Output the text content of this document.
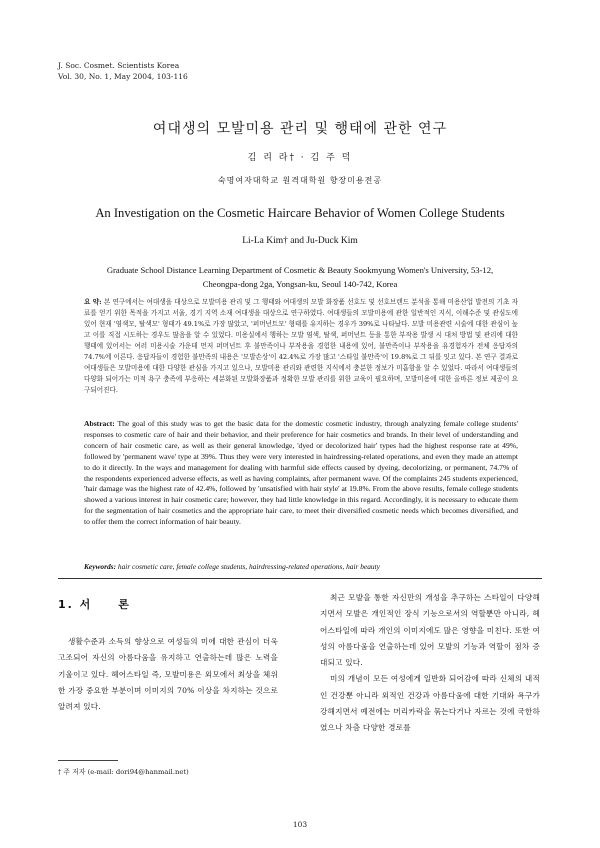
J. Soc. Cosmet. Scientists Korea
Vol. 30, No. 1, May 2004, 103-116
여대생의 모발미용 관리 및 행태에 관한 연구
김 리 라† · 김 주 덕
숙명여자대학교 원격대학원 향장미용전공
An Investigation on the Cosmetic Haircare Behavior of Women College Students
Li-La Kim† and Ju-Duck Kim
Graduate School Distance Learning Department of Cosmetic & Beauty Sookmyung Women's University, 53-12,
Cheongpa-dong 2ga, Yongsan-ku, Seoul 140-742, Korea
요 약: 본 연구에서는 여대생을 대상으로 모발미용 관리 및 그 행태와 여대생의 모발 화장품 선호도 및 선호브랜드 분석을 통해 미용산업 발전의 기초 자료를 얻기 위한 목적을 가지고 서울, 경기 지역 소재 여대생을 대상으로 연구하였다. 여대생들의 모발미용에 관한 일반적인 지식, 이해수준 및 관심도에 있어 현재 '염색모, 탈색모' 형태가 49.1%로 가장 많았고, '퍼머넌트모' 형태를 유지하는 경우가 39%로 나타났다. 모발 미용관련 시술에 대한 관심이 높고 이를 직접 시도하는 경우도 많음을 알 수 있었다. 미용실에서 행하는 모발 염색, 탈색, 퍼머넌트 등을 통한 부작용 발생 시 대처 방법 및 관리에 대한 행태에 있어서는 여러 미용시술 가운데 먼저 퍼머넌트 후 불만족이나 부작용을 경험한 내용에 있어, 불만족이나 부작용을 유경험자가 전체 응답자의 74.7%에 이른다. 응답자들이 경험한 불만족의 내용은 '모발손상'이 42.4%로 가장 많고 '스타일 불만족'이 19.8%로 그 뒤를 잇고 있다. 본 연구 결과로 여대생들은 모발미용에 대한 다양한 관심을 가지고 있으나, 모발미용 관리와 관련한 지식에서 충분한 정보가 미흡함을 알 수 있었다. 따라서 여대생들의 다양화 되어가는 미적 욕구 충족에 부응하는 세분화된 모발화장품과 정확한 모발 관리를 위한 교육이 필요하며, 모발미용에 대한 올바른 정보 제공이 요구되어진다.
Abstract: The goal of this study was to get the basic data for the domestic cosmetic industry, through analyzing female college students' responses to cosmetic care of hair and their behavior, and their preference for hair cosmetics and brands. In their level of understanding and concern of hair cosmetic care, as well as their general knowledge, 'dyed or decolorized hair' types had the highest response rate at 49%, followed by 'permanent wave' type at 39%. Thus they were very interested in hairdressing-related operations, and even they made an attempt to do it directly. In the ways and management for dealing with harmful side effects caused by dyeing, decolorizing, or permanent, 74.7% of the respondents experienced adverse effects, as well as having complaints, after permanent wave. Of the complaints 245 students experienced, 'hair damage was the highest rate of 42.4%, followed by 'unsatisfied with hair style' at 19.8%. From the above results, female college students showed a various interest in hair cosmetic care; however, they had little knowledge in this regard. Accordingly, it is necessary to educate them for the segmentation of hair cosmetics and the appropriate hair care, to meet their diversified cosmetic needs which becomes diversified, and to offer them the correct information of hair beauty.
Keywords: hair cosmetic care, female college students, hairdressing-related operations, hair beauty
1. 서 론

생활수준과 소득의 향상으로 여성들의 미에 대한 관심이 더욱 고조되어 자신의 아름다움을 유지하고 연출하는데 많은 노력을 기울이고 있다. 헤어스타일 즉, 모발미용은 외모에서 최상을 체위한 가장 중요한 부분이며 이미지의 70% 이상을 차지하는 것으로 알려져 있다.

최근 모발을 통한 자신만의 개성을 추구하는 스타일이 다양해지면서 모발은 개인적인 장식 기능으로서의 역할뿐만 아니라, 헤어스타일에 따라 개인의 이미지에도 많은 영향을 미친다. 또한 여성의 아름다움을 연출하는데 있어 모발의 기능과 역할이 점차 증대되고 있다.

미의 개념이 모든 여성에게 일반화 되어감에 따라 신체의 내적인 건강뿐 아니라 외적인 건강과 아름다움에 대한 기대와 욕구가 강해지면서 예전에는 머리카락을 묶는다거나 자르는 것에 국한하였으나 차츰 다양한 경로를

† 주 저자 (e-mail: dori94@hanmail.net)
103
